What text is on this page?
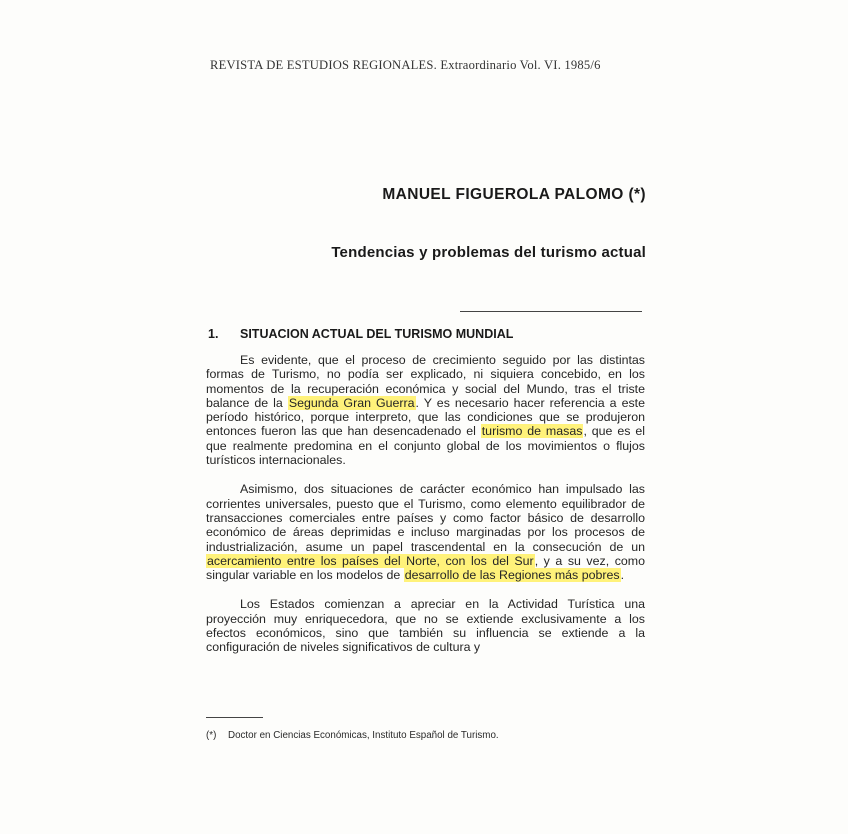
REVISTA DE ESTUDIOS REGIONALES. Extraordinario Vol. VI. 1985/6
MANUEL FIGUEROLA PALOMO (*)
Tendencias y problemas del turismo actual
1. SITUACION ACTUAL DEL TURISMO MUNDIAL

Es evidente, que el proceso de crecimiento seguido por las distintas formas de Turismo, no podía ser explicado, ni siquiera concebido, en los momentos de la recuperación económica y social del Mundo, tras el triste balance de la Segunda Gran Guerra. Y es necesario hacer referencia a este período histórico, porque interpreto, que las condiciones que se produjeron entonces fueron las que han desencadenado el turismo de masas, que es el que realmente predomina en el conjunto global de los movimientos o flujos turísticos internacionales.

Asimismo, dos situaciones de carácter económico han impulsado las corrientes universales, puesto que el Turismo, como elemento equilibrador de transacciones comerciales entre países y como factor básico de desarrollo económico de áreas deprimidas e incluso marginadas por los procesos de industrialización, asume un papel trascendental en la consecución de un acercamiento entre los países del Norte, con los del Sur, y a su vez, como singular variable en los modelos de desarrollo de las Regiones más pobres.

Los Estados comienzan a apreciar en la Actividad Turística una proyección muy enriquecedora, que no se extiende exclusivamente a los efectos económicos, sino que también su influencia se extiende a la configuración de niveles significativos de cultura y

(*) Doctor en Ciencias Económicas, Instituto Español de Turismo.
